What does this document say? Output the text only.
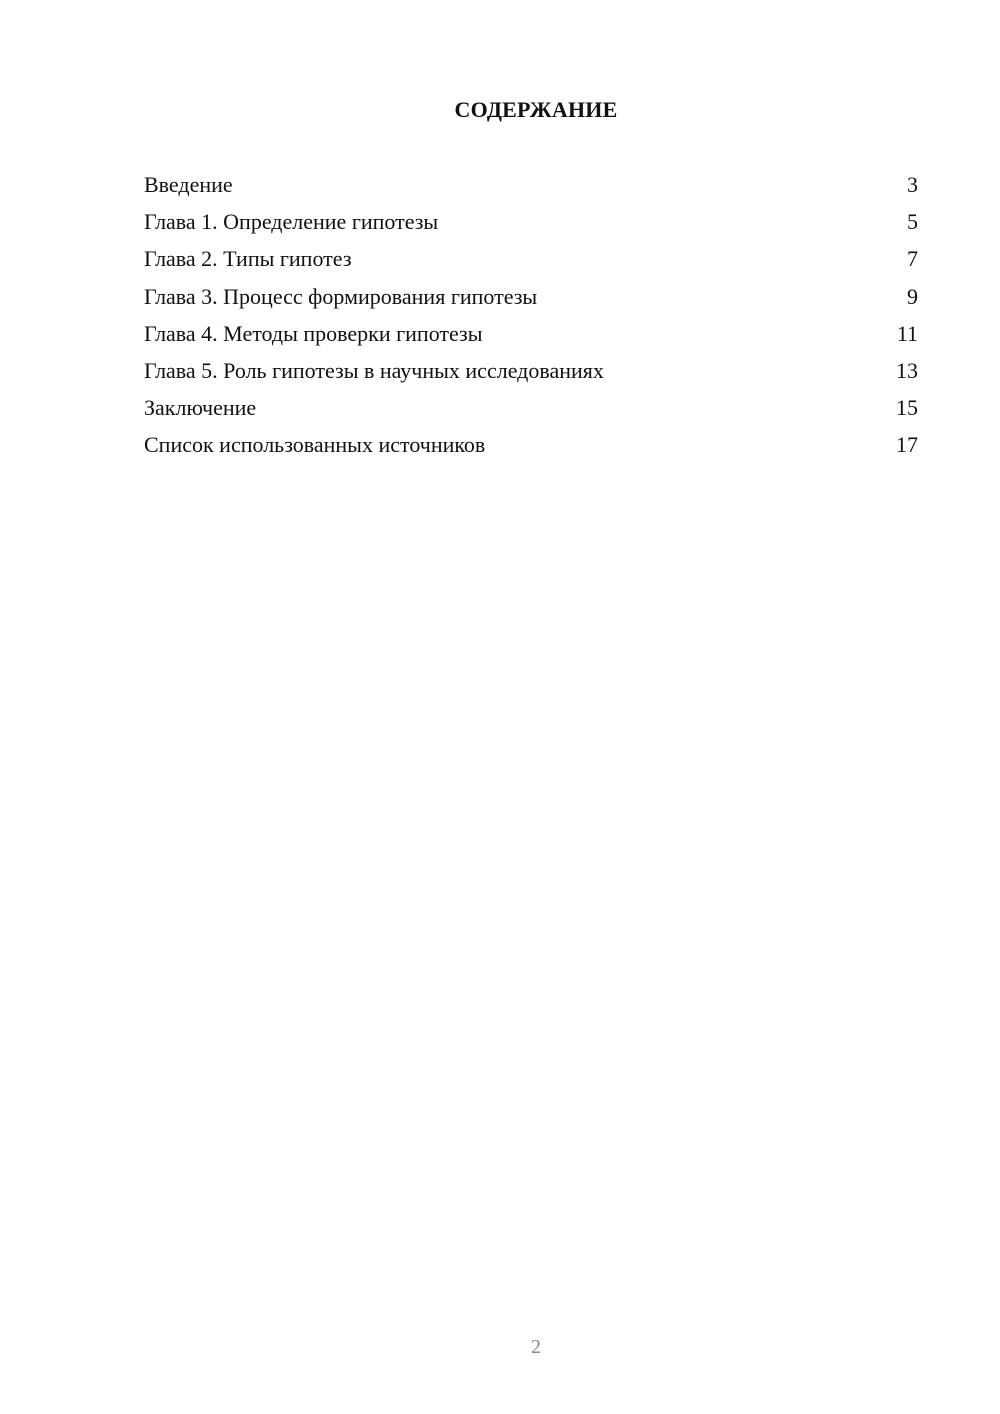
СОДЕРЖАНИЕ
Введение	3
Глава 1. Определение гипотезы	5
Глава 2. Типы гипотез	7
Глава 3. Процесс формирования гипотезы	9
Глава 4. Методы проверки гипотезы	11
Глава 5. Роль гипотезы в научных исследованиях	13
Заключение	15
Список использованных источников	17
2
